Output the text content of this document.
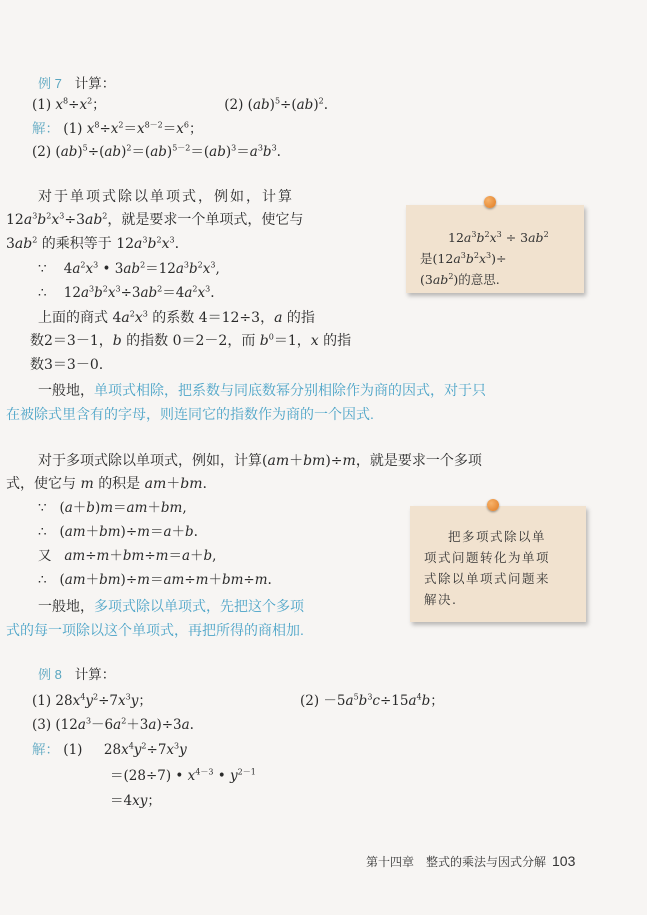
例 7 计算：
(1) $x^8\div x^2$；	(2) (ab)$^5$÷(ab)$^2$.
解： (1) $x^8\div x^2=x^{8-2}=x^6$；
(2) $(ab)^5\div(ab)^2=(ab)^{5-2}=(ab)^3=a^3b^3$.
对于单项式除以单项式，例如，计算
$12a^3b^2x^3\div 3ab^2$，就是要求一个单项式，使它与
$3ab^2$ 的乘积等于 $12a^3b^2x^3$.
∵    $4a^2x^3$ • $3ab^2=12a^3b^2x^3$,
∴    $12a^3b^2x^3\div 3ab^2=4a^2x^3$.
上面的商式 $4a^2x^3$ 的系数 4＝12÷3，a 的指
数2＝3－1，b 的指数 0＝2－2，而 $b^0=1$，x 的指
数3＝3－0.
一般地，单项式相除，把系数与同底数幂分别相除作为商的因式，对于只
在被除式里含有的字母，则连同它的指数作为商的一个因式.
$12a^3b^2x^3 \div 3ab^2$
是$(12a^3b^2x^3)\div$
$(3ab^2)$的意思.
对于多项式除以单项式，例如，计算(am＋bm)÷m，就是要求一个多项
式，使它与 m 的积是 am＋bm.
∵   (a＋b)m＝am＋bm,
∴   (am＋bm)÷m＝a＋b.
又 am÷m＋bm÷m＝a＋b,
∴   (am＋bm)÷m＝am÷m＋bm÷m.
一般地，多项式除以单项式，先把这个多项
式的每一项除以这个单项式，再把所得的商相加.
把多项式除以单
项式问题转化为单项
式除以单项式问题来
解决.
例 8 计算：
(1) $28x^4y^2\div 7x^3y$；	$(2) -5a^5b^3c\div 15a^4b$；
(3) $(12a^3-6a^2+3a)\div 3a$.
解： (1)     $28x^4y^2\div 7x^3y$
＝(28÷7) • $x^{4-3}$ • $y^{2-1}$
＝4xy；
第十四章　整式的乘法与因式分解 103
